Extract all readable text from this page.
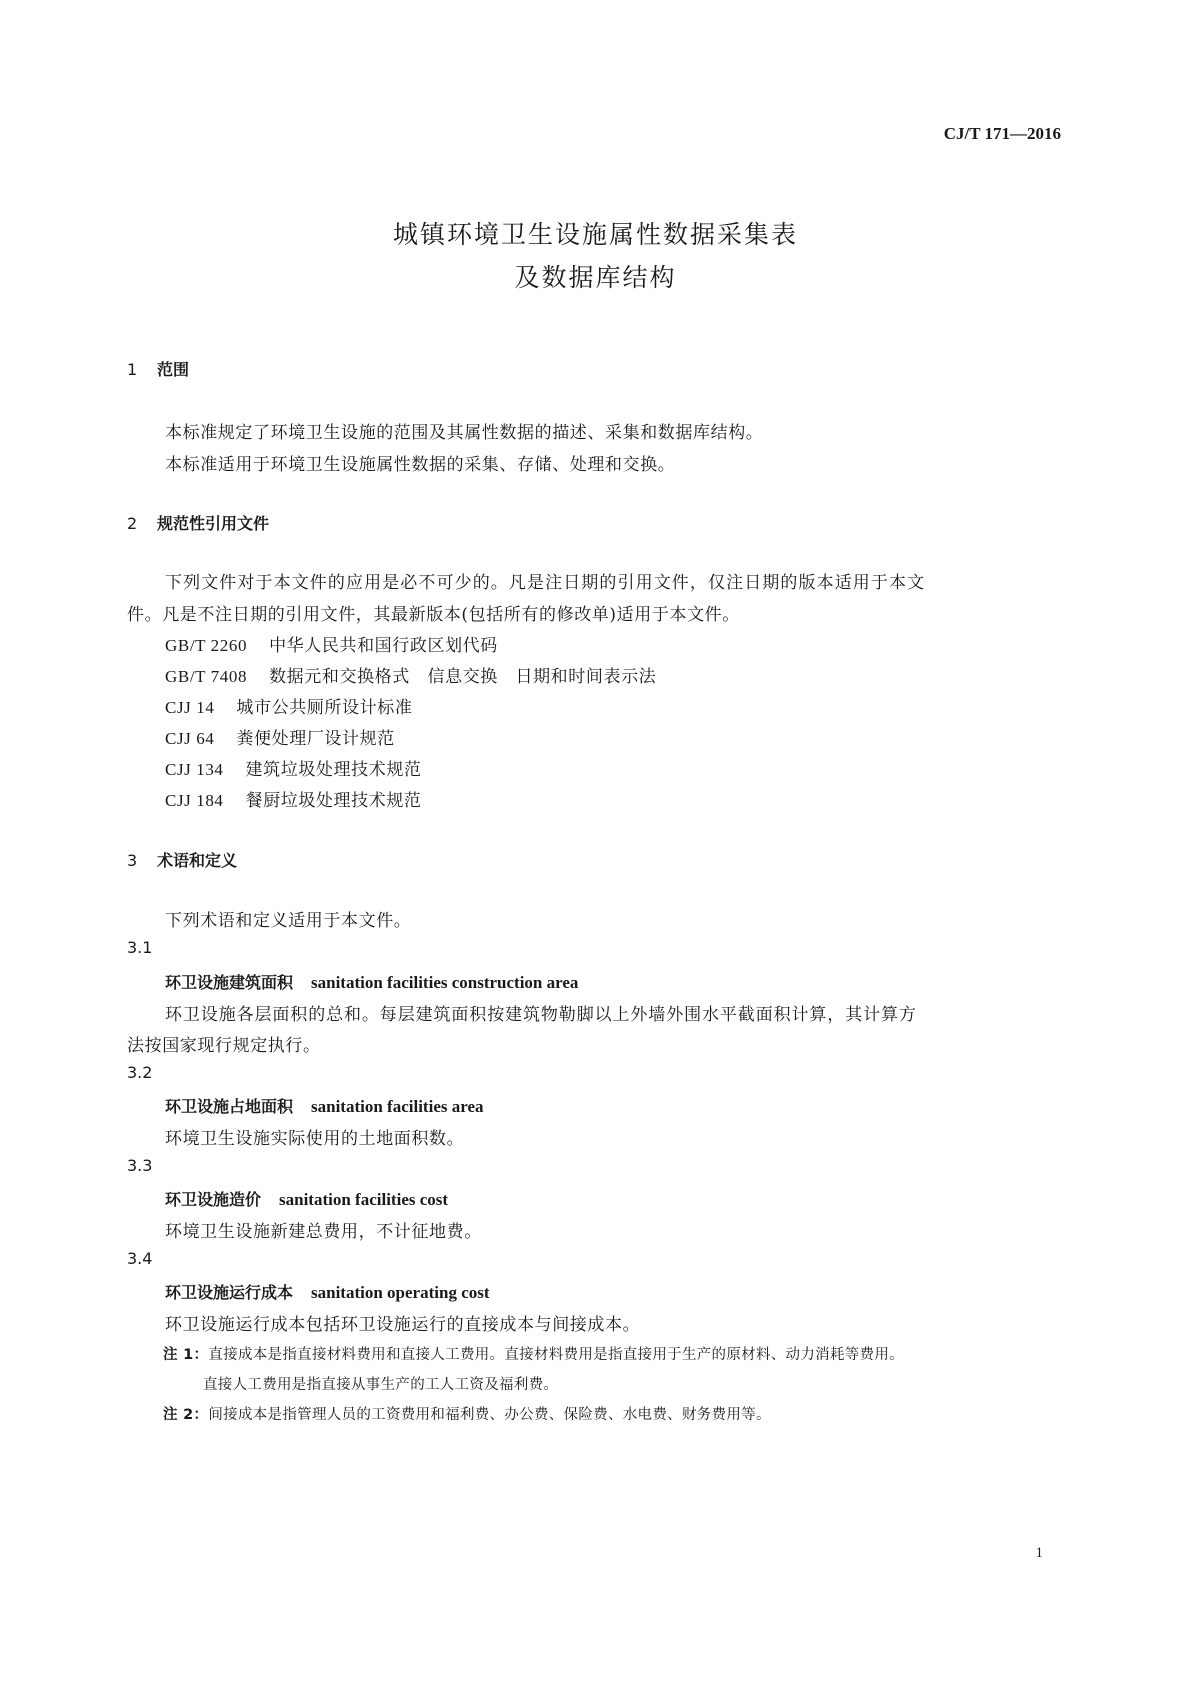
CJ/T 171—2016
城镇环境卫生设施属性数据采集表
及数据库结构
1 范围
本标准规定了环境卫生设施的范围及其属性数据的描述、采集和数据库结构。
本标准适用于环境卫生设施属性数据的采集、存储、处理和交换。
2 规范性引用文件
下列文件对于本文件的应用是必不可少的。凡是注日期的引用文件，仅注日期的版本适用于本文
件。凡是不注日期的引用文件，其最新版本(包括所有的修改单)适用于本文件。
GB/T 2260 中华人民共和国行政区划代码
GB/T 7408 数据元和交换格式　信息交换　日期和时间表示法
CJJ 14 城市公共厕所设计标准
CJJ 64 粪便处理厂设计规范
CJJ 134 建筑垃圾处理技术规范
CJJ 184 餐厨垃圾处理技术规范
3 术语和定义
下列术语和定义适用于本文件。
3.1
环卫设施建筑面积 sanitation facilities construction area
环卫设施各层面积的总和。每层建筑面积按建筑物勒脚以上外墙外围水平截面积计算，其计算方
法按国家现行规定执行。
3.2
环卫设施占地面积 sanitation facilities area
环境卫生设施实际使用的土地面积数。
3.3
环卫设施造价 sanitation facilities cost
环境卫生设施新建总费用，不计征地费。
3.4
环卫设施运行成本 sanitation operating cost
环卫设施运行成本包括环卫设施运行的直接成本与间接成本。
注 1：直接成本是指直接材料费用和直接人工费用。直接材料费用是指直接用于生产的原材料、动力消耗等费用。
直接人工费用是指直接从事生产的工人工资及福利费。
注 2：间接成本是指管理人员的工资费用和福利费、办公费、保险费、水电费、财务费用等。
1
